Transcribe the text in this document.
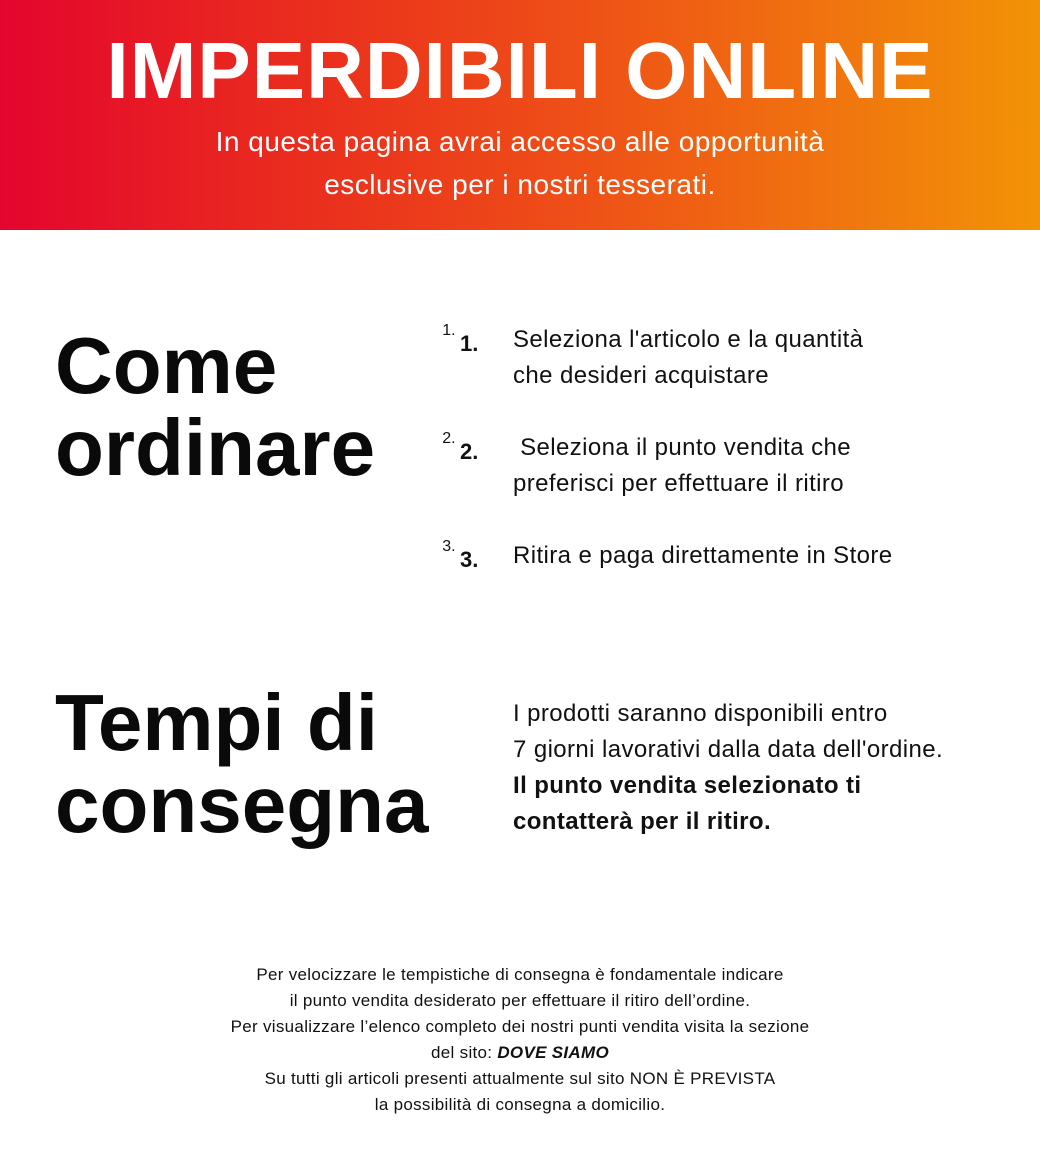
IMPERDIBILI ONLINE

In questa pagina avrai accesso alle opportunità
esclusive per i nostri tesserati.

Come
ordinare
1. 1. Seleziona l'articolo e la quantità
che desideri acquistare
2. 2. Seleziona il punto vendita che
preferisci per effettuare il ritiro
3. 3. Ritira e paga direttamente in Store
Tempi di
consegna
I prodotti saranno disponibili entro
7 giorni lavorativi dalla data dell'ordine.
Il punto vendita selezionato ti
contatterà per il ritiro.
Per velocizzare le tempistiche di consegna è fondamentale indicare
il punto vendita desiderato per effettuare il ritiro dell’ordine.
Per visualizzare l’elenco completo dei nostri punti vendita visita la sezione
del sito: DOVE SIAMO
Su tutti gli articoli presenti attualmente sul sito NON È PREVISTA
la possibilità di consegna a domicilio.
